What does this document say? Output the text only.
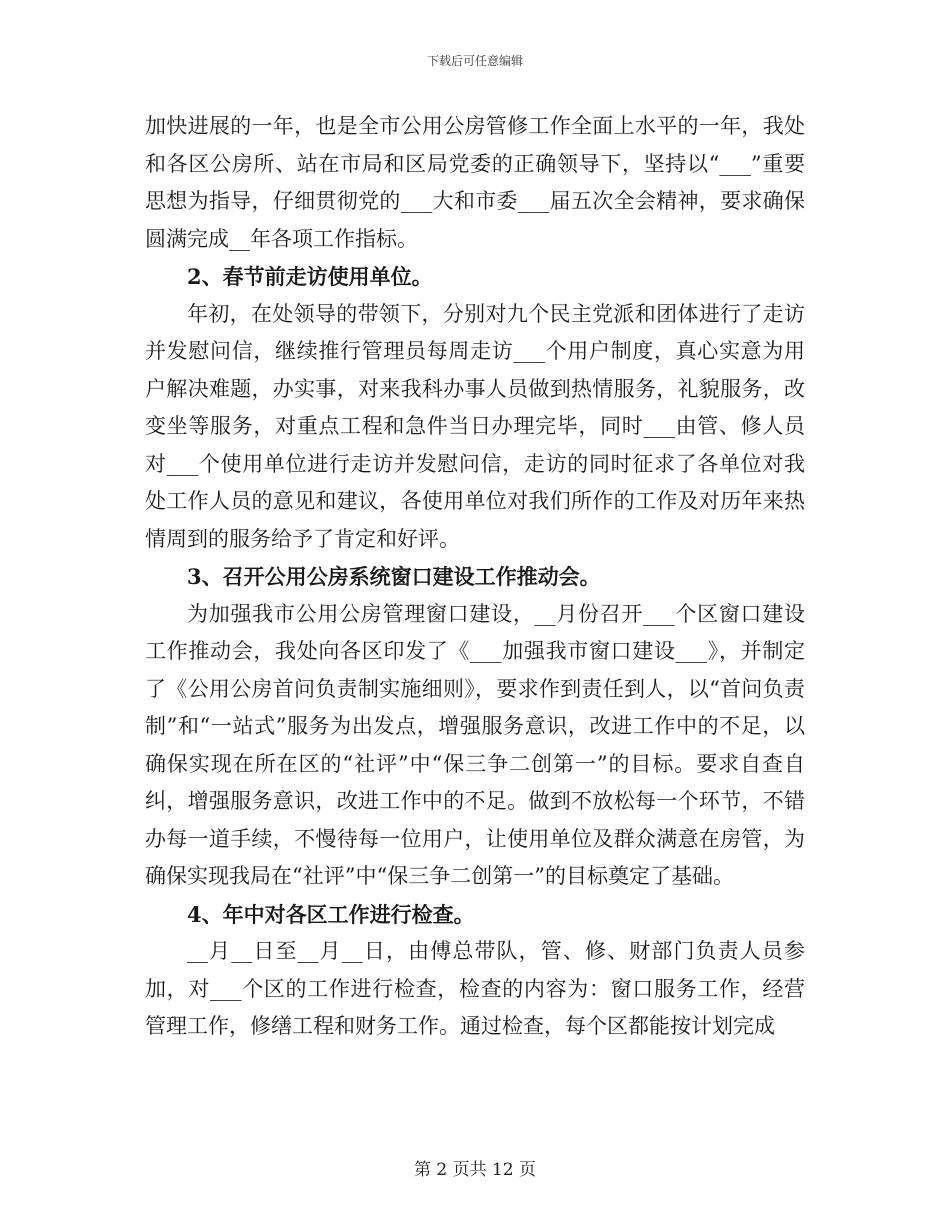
下载后可任意编辑

加快进展的一年，也是全市公用公房管修工作全面上水平的一年，我处和各区公房所、站在市局和区局党委的正确领导下，坚持以“___”重要思想为指导，仔细贯彻党的___大和市委___届五次全会精神，要求确保圆满完成__年各项工作指标。

2、春节前走访使用单位。

年初，在处领导的带领下，分别对九个民主党派和团体进行了走访并发慰问信，继续推行管理员每周走访___个用户制度，真心实意为用户解决难题，办实事，对来我科办事人员做到热情服务，礼貌服务，改变坐等服务，对重点工程和急件当日办理完毕，同时___由管、修人员对___个使用单位进行走访并发慰问信，走访的同时征求了各单位对我处工作人员的意见和建议，各使用单位对我们所作的工作及对历年来热情周到的服务给予了肯定和好评。

3、召开公用公房系统窗口建设工作推动会。

为加强我市公用公房管理窗口建设，__月份召开___个区窗口建设工作推动会，我处向各区印发了《___加强我市窗口建设___》，并制定了《公用公房首问负责制实施细则》，要求作到责任到人，以“首问负责制”和“一站式”服务为出发点，增强服务意识，改进工作中的不足，以确保实现在所在区的“社评”中“保三争二创第一”的目标。要求自查自纠，增强服务意识，改进工作中的不足。做到不放松每一个环节，不错办每一道手续，不慢待每一位用户，让使用单位及群众满意在房管，为确保实现我局在“社评”中“保三争二创第一”的目标奠定了基础。

4、年中对各区工作进行检查。

__月__日至__月__日，由傅总带队，管、修、财部门负责人员参加，对___个区的工作进行检查，检查的内容为：窗口服务工作，经营管理工作，修缮工程和财务工作。通过检查，每个区都能按计划完成

第 2 页共 12 页
